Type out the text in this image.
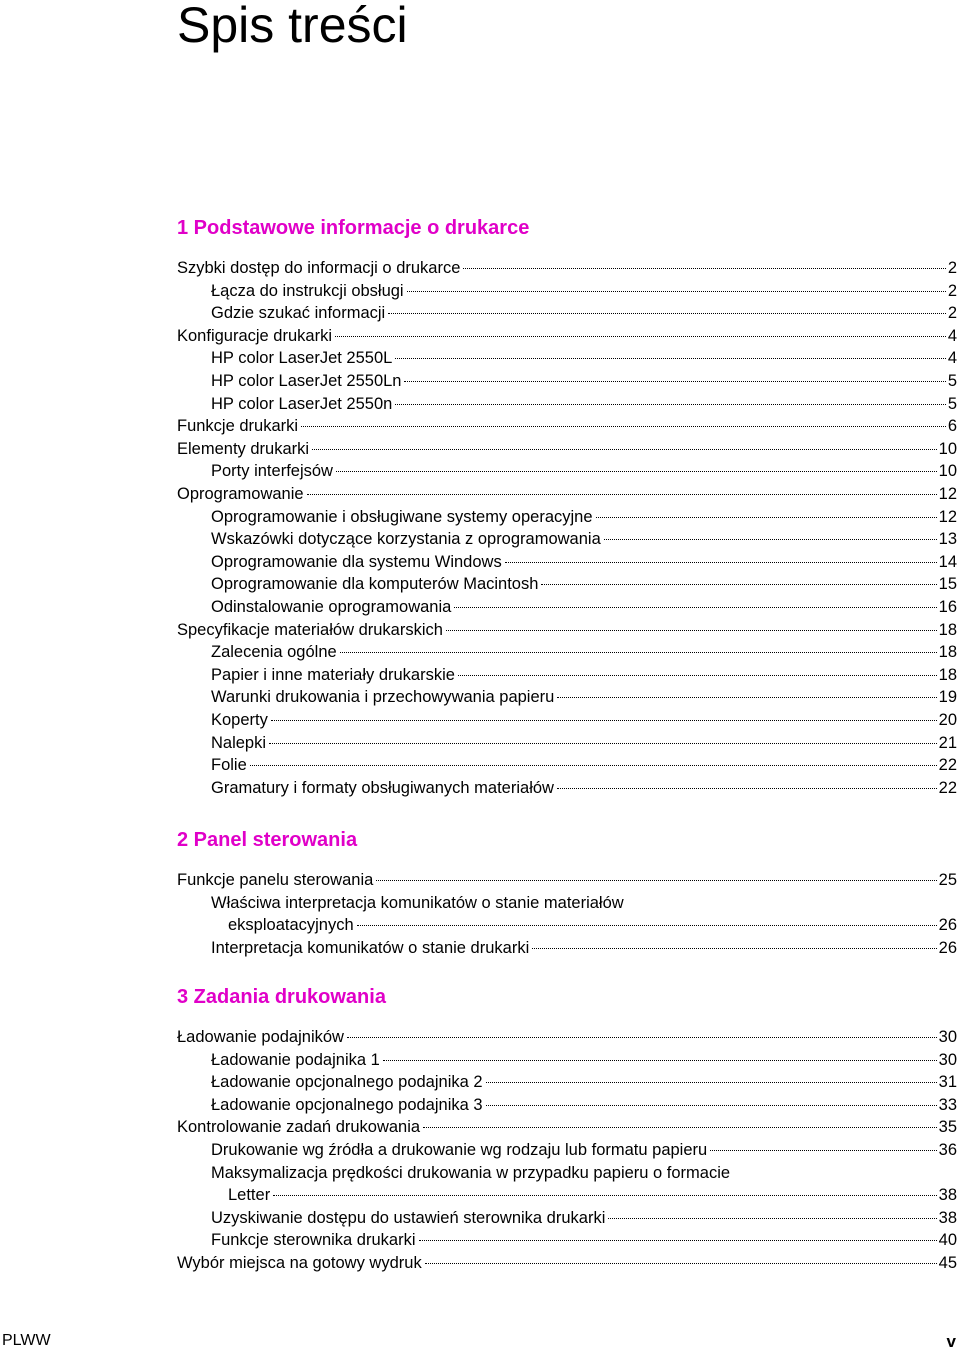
Spis treści
1 Podstawowe informacje o drukarce
Szybki dostęp do informacji o drukarce	2
Łącza do instrukcji obsługi	2
Gdzie szukać informacji	2
Konfiguracje drukarki	4
HP color LaserJet 2550L	4
HP color LaserJet 2550Ln	5
HP color LaserJet 2550n	5
Funkcje drukarki	6
Elementy drukarki	10
Porty interfejsów	10
Oprogramowanie	12
Oprogramowanie i obsługiwane systemy operacyjne	12
Wskazówki dotyczące korzystania z oprogramowania	13
Oprogramowanie dla systemu Windows	14
Oprogramowanie dla komputerów Macintosh	15
Odinstalowanie oprogramowania	16
Specyfikacje materiałów drukarskich	18
Zalecenia ogólne	18
Papier i inne materiały drukarskie	18
Warunki drukowania i przechowywania papieru	19
Koperty	20
Nalepki	21
Folie	22
Gramatury i formaty obsługiwanych materiałów	22
2 Panel sterowania
Funkcje panelu sterowania	25
Właściwa interpretacja komunikatów o stanie materiałów
eksploatacyjnych	26
Interpretacja komunikatów o stanie drukarki	26
3 Zadania drukowania
Ładowanie podajników	30
Ładowanie podajnika 1	30
Ładowanie opcjonalnego podajnika 2	31
Ładowanie opcjonalnego podajnika 3	33
Kontrolowanie zadań drukowania	35
Drukowanie wg źródła a drukowanie wg rodzaju lub formatu papieru	36
Maksymalizacja prędkości drukowania w przypadku papieru o formacie
Letter	38
Uzyskiwanie dostępu do ustawień sterownika drukarki	38
Funkcje sterownika drukarki	40
Wybór miejsca na gotowy wydruk	45
PLWW	v
